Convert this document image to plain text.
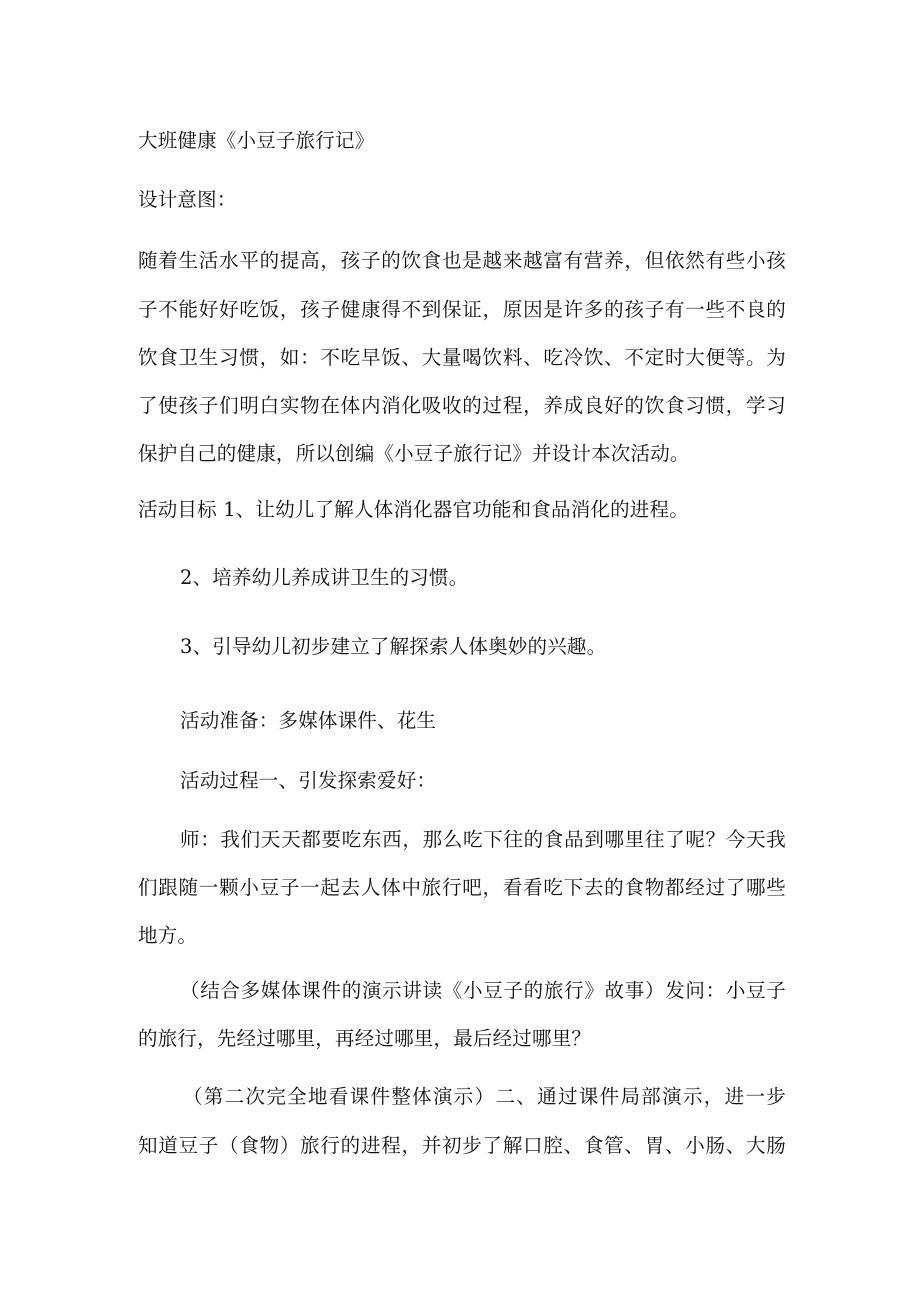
大班健康《小豆子旅行记》
设计意图：
随着生活水平的提高，孩子的饮食也是越来越富有营养，但依然有些小孩
子不能好好吃饭，孩子健康得不到保证，原因是许多的孩子有一些不良的
饮食卫生习惯，如：不吃早饭、大量喝饮料、吃冷饮、不定时大便等。为
了使孩子们明白实物在体内消化吸收的过程，养成良好的饮食习惯，学习
保护自己的健康，所以创编《小豆子旅行记》并设计本次活动。
活动目标 1、让幼儿了解人体消化器官功能和食品消化的进程。
2、培养幼儿养成讲卫生的习惯。
3、引导幼儿初步建立了解探索人体奥妙的兴趣。
活动准备：多媒体课件、花生
活动过程一、引发探索爱好：
师：我们天天都要吃东西，那么吃下往的食品到哪里往了呢？今天我
们跟随一颗小豆子一起去人体中旅行吧，看看吃下去的食物都经过了哪些
地方。
（结合多媒体课件的演示讲读《小豆子的旅行》故事）发问：小豆子
的旅行，先经过哪里，再经过哪里，最后经过哪里？
（第二次完全地看课件整体演示）二、通过课件局部演示，进一步
知道豆子（食物）旅行的进程，并初步了解口腔、食管、胃、小肠、大肠
